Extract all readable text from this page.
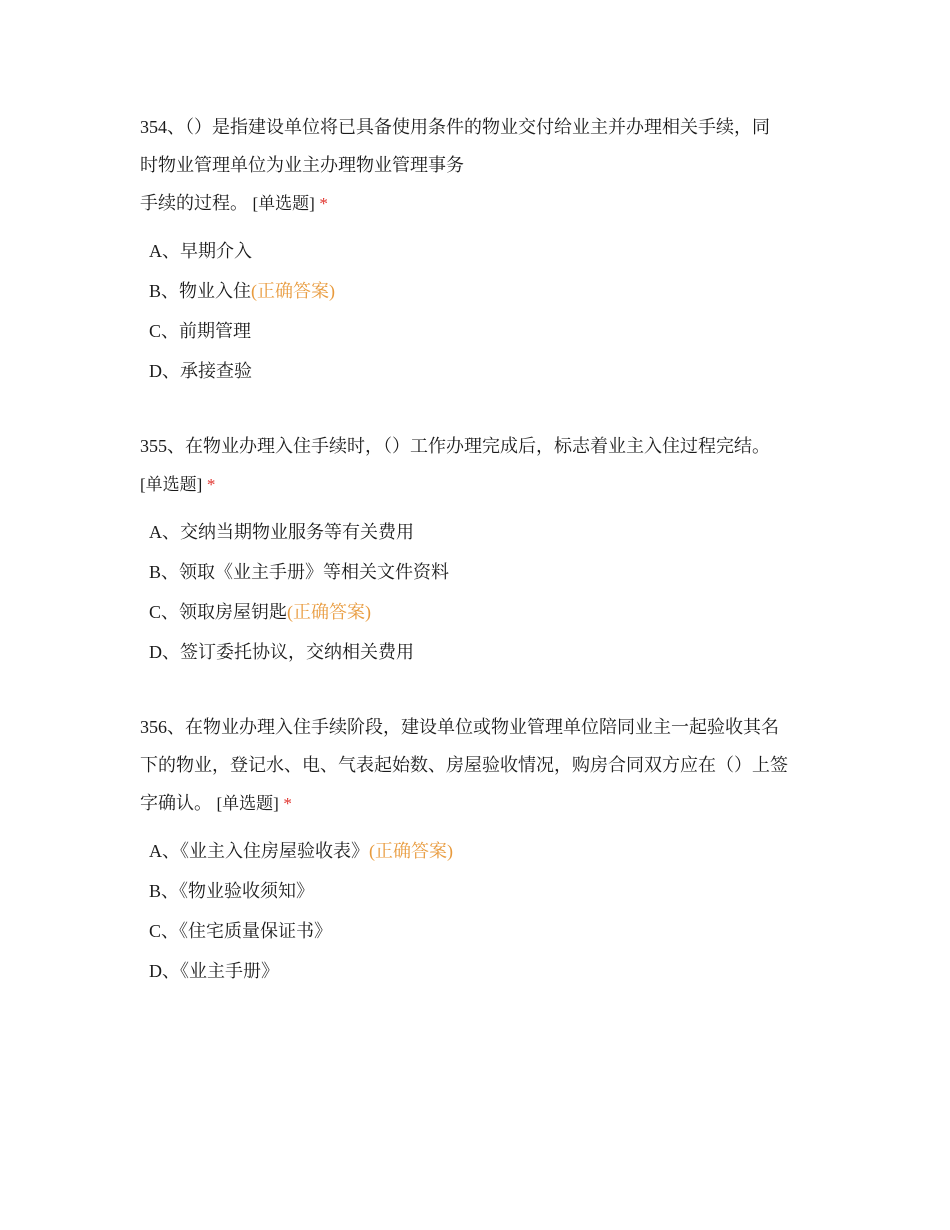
354、（）是指建设单位将已具备使用条件的物业交付给业主并办理相关手续，同
时物业管理单位为业主办理物业管理事务
手续的过程。 [单选题] *

A、早期介入
B、物业入住(正确答案)
C、前期管理
D、承接查验

355、在物业办理入住手续时，（）工作办理完成后，标志着业主入住过程完结。
[单选题] *

A、交纳当期物业服务等有关费用
B、领取《业主手册》等相关文件资料
C、领取房屋钥匙(正确答案)
D、签订委托协议，交纳相关费用

356、在物业办理入住手续阶段，建设单位或物业管理单位陪同业主一起验收其名
下的物业，登记水、电、气表起始数、房屋验收情况，购房合同双方应在（）上签
字确认。 [单选题] *

A、《业主入住房屋验收表》(正确答案)
B、《物业验收须知》
C、《住宅质量保证书》
D、《业主手册》
